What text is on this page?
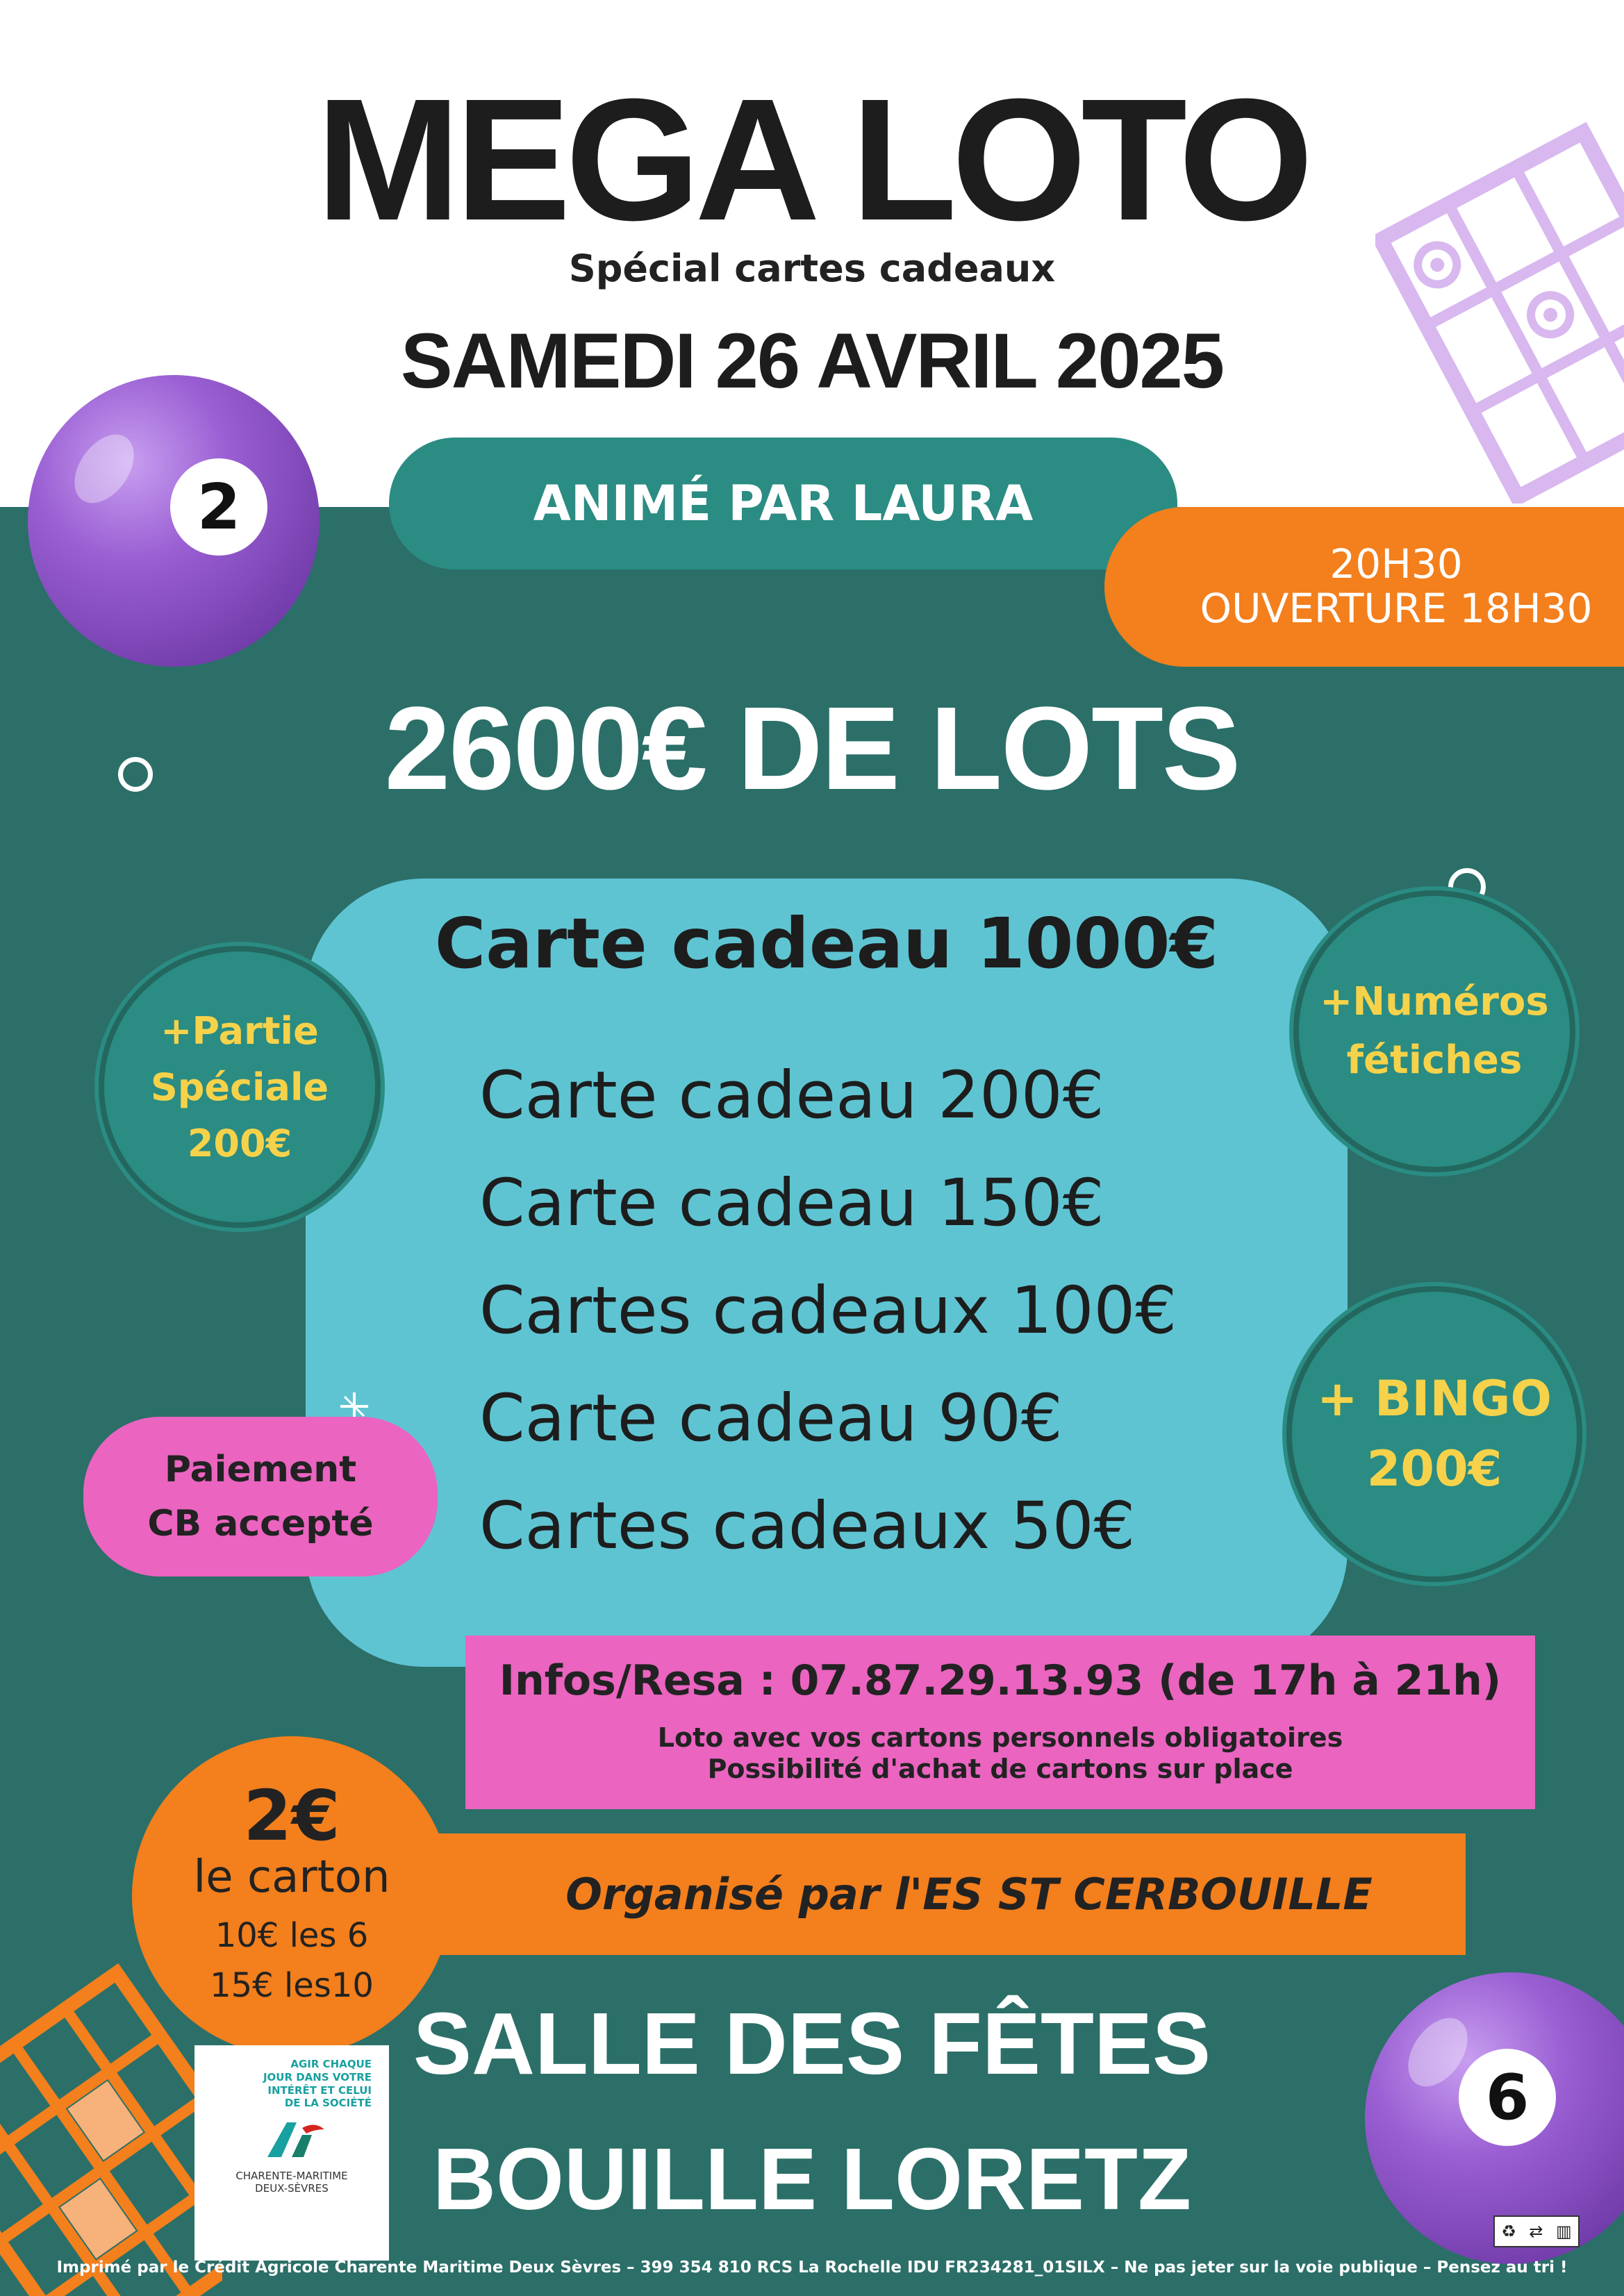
MEGA LOTO
Spécial cartes cadeaux
SAMEDI 26 AVRIL 2025
2	ANIMÉ PAR LAURA
20H30
OUVERTURE 18H30
2600€ DE LOTS
Carte cadeau 1000€
Carte cadeau 200€
Carte cadeau 150€
Cartes cadeaux 100€
Carte cadeau 90€
Cartes cadeaux 50€
+Partie
Spéciale
200€
+Numéros
fétiches
+ BINGO
200€
Paiement
CB accepté
Infos/Resa : 07.87.29.13.93 (de 17h à 21h)
Loto avec vos cartons personnels obligatoires
Possibilité d'achat de cartons sur place
Organisé par l'ES ST CERBOUILLE
2€
le carton
10€ les 6
15€ les10
SALLE DES FÊTES
BOUILLE LORETZ
AGIR CHAQUE
JOUR DANS VOTRE
INTÉRÊT ET CELUI
DE LA SOCIÉTÉ
CHARENTE-MARITIME
DEUX-SÈVRES
6
♻ ⇄ ▥
Imprimé par le Crédit Agricole Charente Maritime Deux Sèvres – 399 354 810 RCS La Rochelle IDU FR234281_01SILX – Ne pas jeter sur la voie publique – Pensez au tri !
